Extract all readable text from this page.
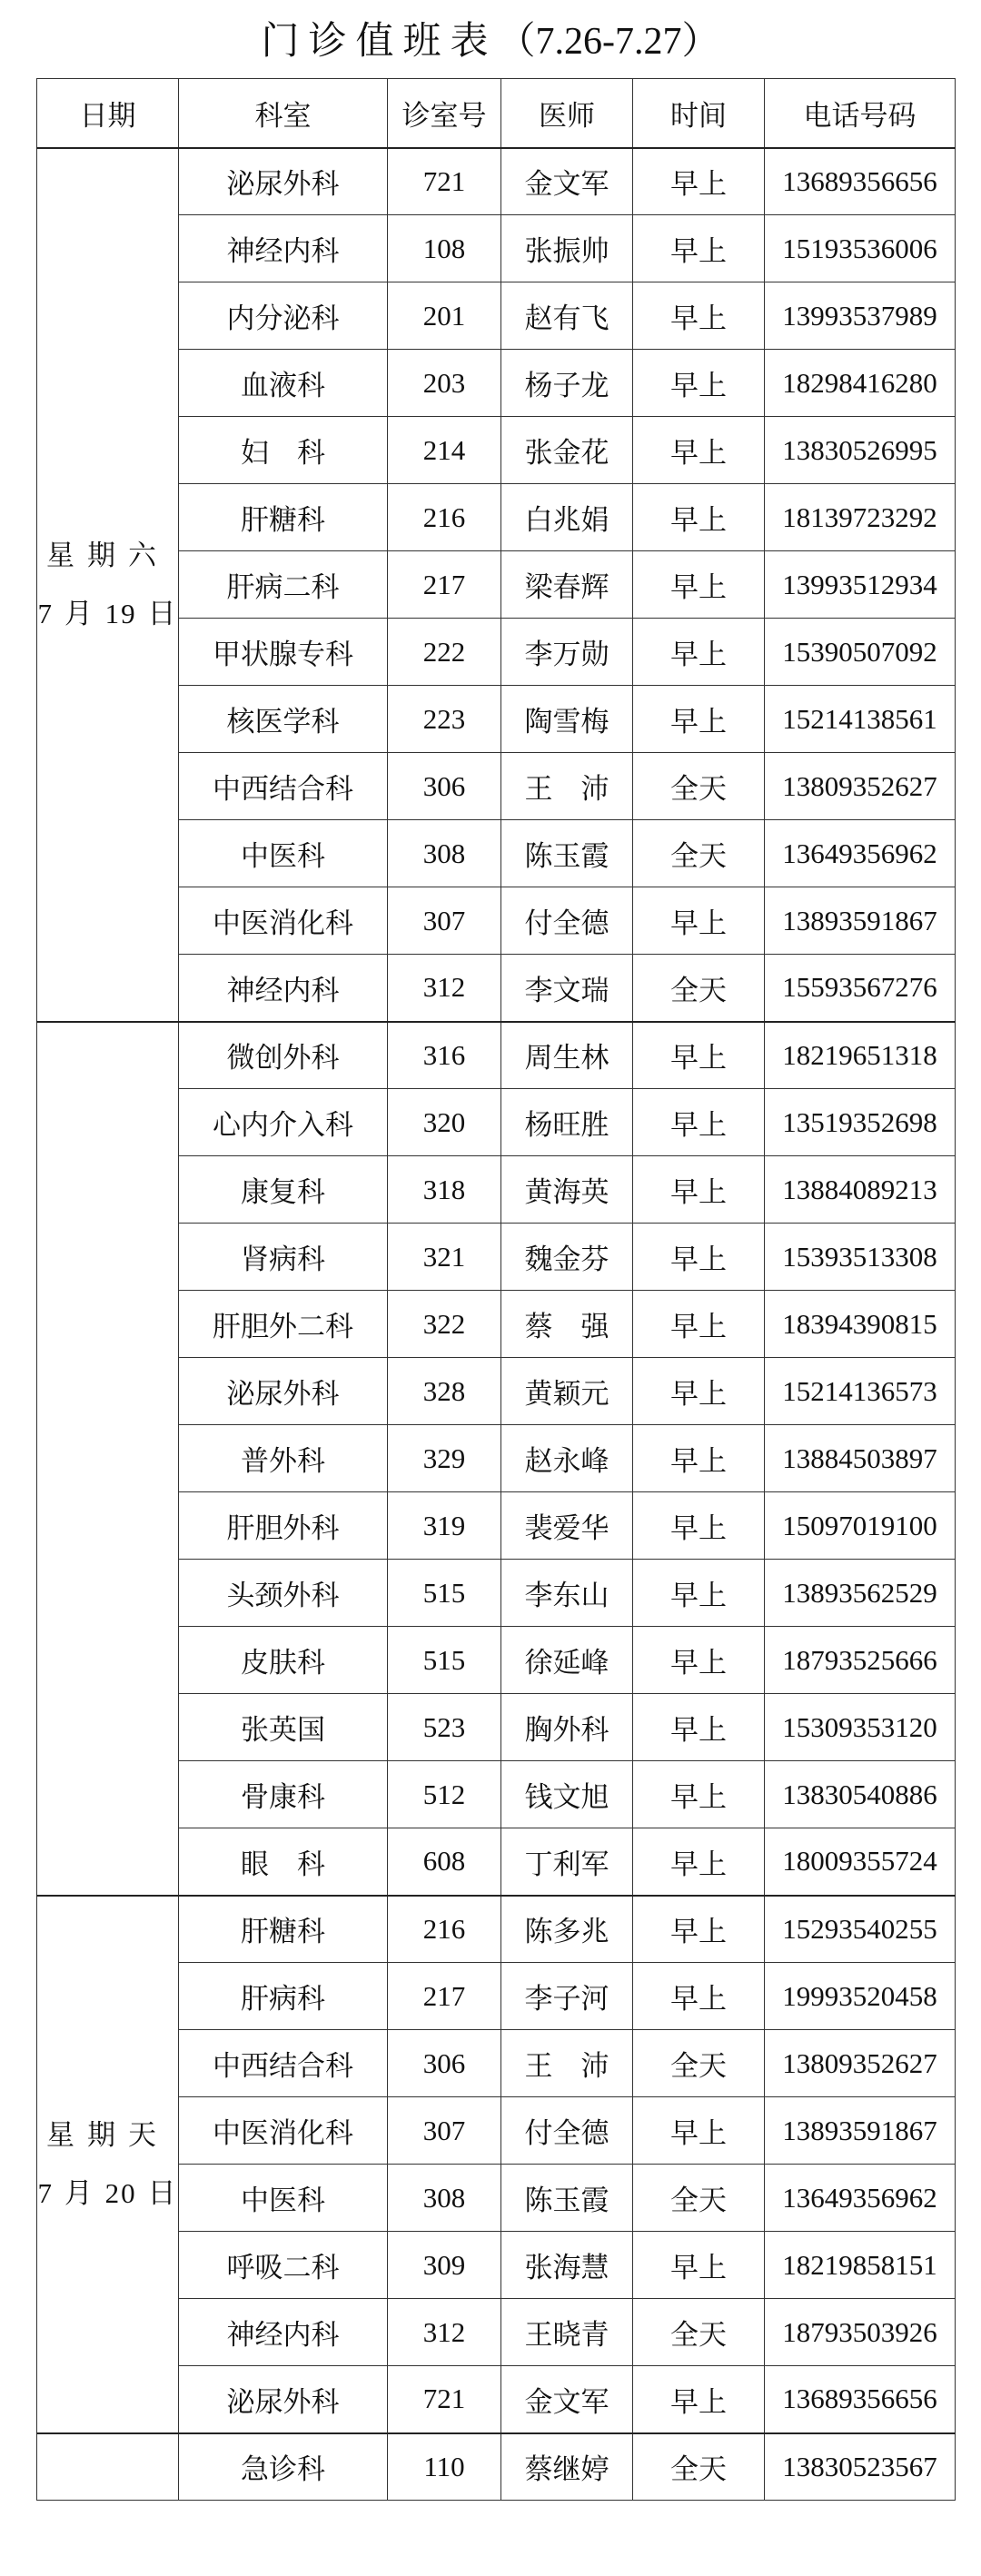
门诊值班表（7.26-7.27）
日期	科室	诊室号	医师	时间	电话号码

星期六
7 月 19 日	泌尿外科	721	金文军	早上	13689356656
	神经内科	108	张振帅	早上	15193536006
	内分泌科	201	赵有飞	早上	13993537989
	血液科	203	杨子龙	早上	18298416280
	妇　科	214	张金花	早上	13830526995
	肝糖科	216	白兆娟	早上	18139723292
	肝病二科	217	梁春辉	早上	13993512934
	甲状腺专科	222	李万勋	早上	15390507092
	核医学科	223	陶雪梅	早上	15214138561
	中西结合科	306	王　沛	全天	13809352627
	中医科	308	陈玉霞	全天	13649356962
	中医消化科	307	付全德	早上	13893591867
	神经内科	312	李文瑞	全天	15593567276

	微创外科	316	周生林	早上	18219651318
	心内介入科	320	杨旺胜	早上	13519352698
	康复科	318	黄海英	早上	13884089213
	肾病科	321	魏金芬	早上	15393513308
	肝胆外二科	322	蔡　强	早上	18394390815
	泌尿外科	328	黄颖元	早上	15214136573
	普外科	329	赵永峰	早上	13884503897
	肝胆外科	319	裴爱华	早上	15097019100
	头颈外科	515	李东山	早上	13893562529
	皮肤科	515	徐延峰	早上	18793525666
	张英国	523	胸外科	早上	15309353120
	骨康科	512	钱文旭	早上	13830540886
	眼　科	608	丁利军	早上	18009355724

星期天
7 月 20 日	肝糖科	216	陈多兆	早上	15293540255
	肝病科	217	李子河	早上	19993520458
	中西结合科	306	王　沛	全天	13809352627
	中医消化科	307	付全德	早上	13893591867
	中医科	308	陈玉霞	全天	13649356962
	呼吸二科	309	张海慧	早上	18219858151
	神经内科	312	王晓青	全天	18793503926
	泌尿外科	721	金文军	早上	13689356656

	急诊科	110	蔡继婷	全天	13830523567
